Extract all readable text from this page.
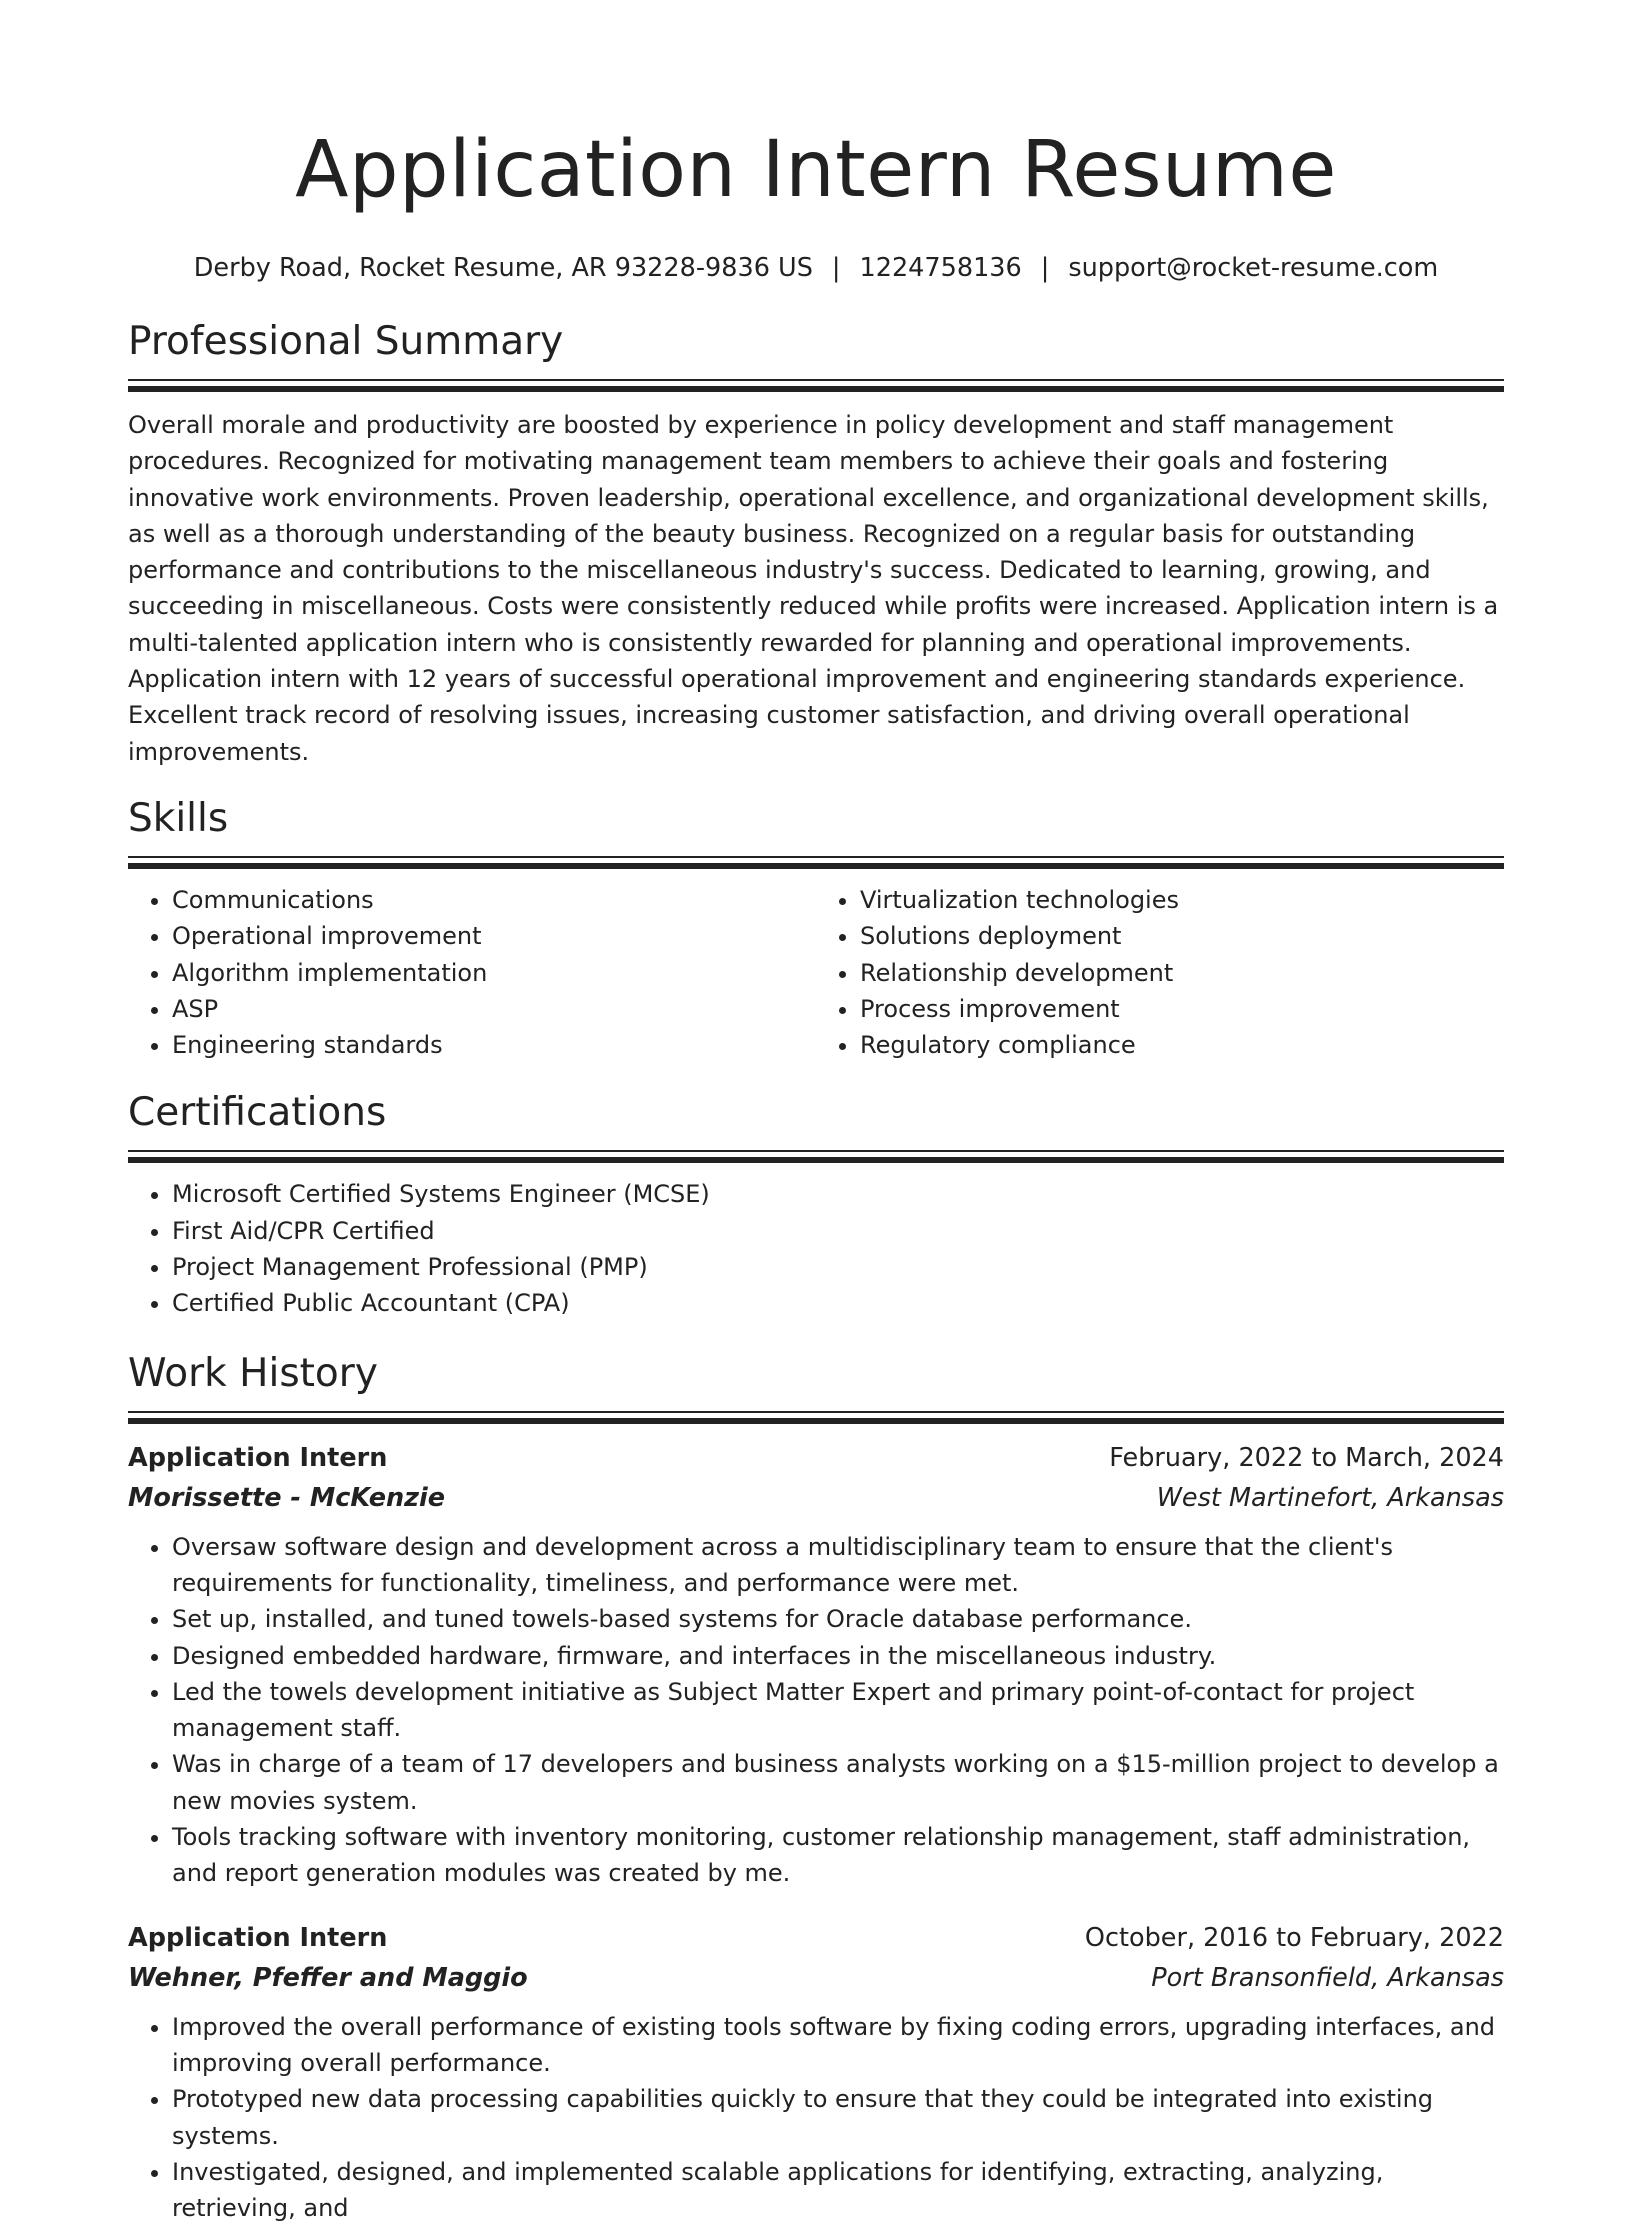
Application Intern Resume
Derby Road, Rocket Resume, AR 93228-9836 US | 1224758136 | support@rocket-resume.com
Professional Summary
Overall morale and productivity are boosted by experience in policy development and staff management procedures. Recognized for motivating management team members to achieve their goals and fostering innovative work environments. Proven leadership, operational excellence, and organizational development skills, as well as a thorough understanding of the beauty business. Recognized on a regular basis for outstanding performance and contributions to the miscellaneous industry's success. Dedicated to learning, growing, and succeeding in miscellaneous. Costs were consistently reduced while profits were increased. Application intern is a multi-talented application intern who is consistently rewarded for planning and operational improvements. Application intern with 12 years of successful operational improvement and engineering standards experience. Excellent track record of resolving issues, increasing customer satisfaction, and driving overall operational improvements.
Skills
• Communications
• Operational improvement
• Algorithm implementation
• ASP
• Engineering standards
• Virtualization technologies
• Solutions deployment
• Relationship development
• Process improvement
• Regulatory compliance
Certifications
• Microsoft Certified Systems Engineer (MCSE)
• First Aid/CPR Certified
• Project Management Professional (PMP)
• Certified Public Accountant (CPA)
Work History
Application Intern	February, 2022 to March, 2024
Morissette - McKenzie	West Martinefort, Arkansas
• Oversaw software design and development across a multidisciplinary team to ensure that the client's requirements for functionality, timeliness, and performance were met.
• Set up, installed, and tuned towels-based systems for Oracle database performance.
• Designed embedded hardware, firmware, and interfaces in the miscellaneous industry.
• Led the towels development initiative as Subject Matter Expert and primary point-of-contact for project management staff.
• Was in charge of a team of 17 developers and business analysts working on a $15-million project to develop a new movies system.
• Tools tracking software with inventory monitoring, customer relationship management, staff administration, and report generation modules was created by me.
Application Intern	October, 2016 to February, 2022
Wehner, Pfeffer and Maggio	Port Bransonfield, Arkansas
• Improved the overall performance of existing tools software by fixing coding errors, upgrading interfaces, and improving overall performance.
• Prototyped new data processing capabilities quickly to ensure that they could be integrated into existing systems.
• Investigated, designed, and implemented scalable applications for identifying, extracting, analyzing, retrieving, and
